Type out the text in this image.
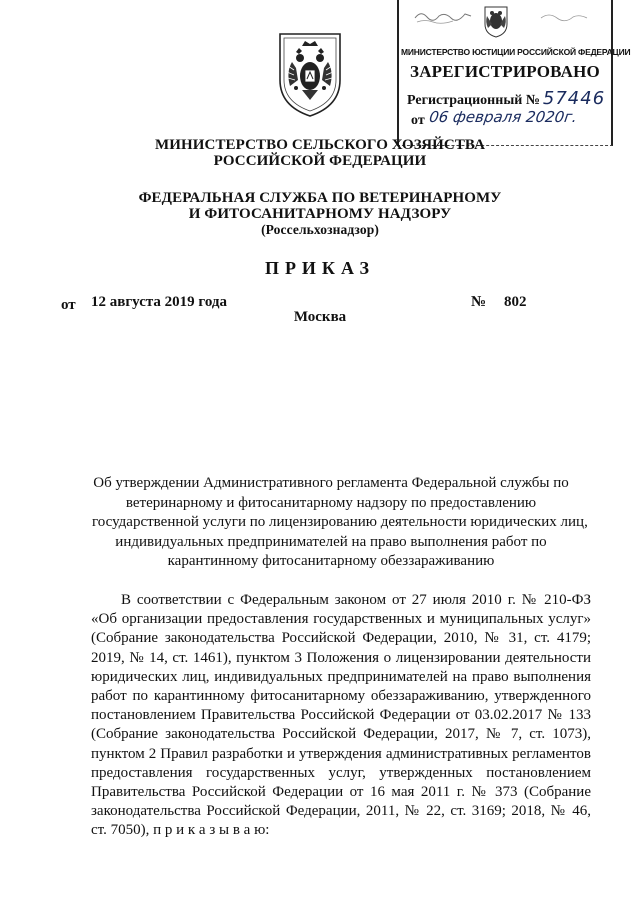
МИНИСТЕРСТВО ЮСТИЦИИ РОССИЙСКОЙ ФЕДЕРАЦИИ
ЗАРЕГИСТРИРОВАНО
Регистрационный № 57446
от 06 февраля 2020г.
МИНИСТЕРСТВО СЕЛЬСКОГО ХОЗЯЙСТВА
РОССИЙСКОЙ ФЕДЕРАЦИИ
ФЕДЕРАЛЬНАЯ СЛУЖБА ПО ВЕТЕРИНАРНОМУ
И ФИТОСАНИТАРНОМУ НАДЗОРУ
(Россельхознадзор)
ПРИКАЗ
от 12 августа 2019 года	№ 802
Москва
Об утверждении Административного регламента Федеральной службы по
ветеринарному и фитосанитарному надзору по предоставлению
государственной услуги по лицензированию деятельности юридических лиц,
индивидуальных предпринимателей на право выполнения работ по
карантинному фитосанитарному обеззараживанию
В соответствии с Федеральным законом от 27 июля 2010 г. № 210-ФЗ
«Об организации предоставления государственных и муниципальных услуг»
(Собрание законодательства Российской Федерации, 2010, № 31, ст. 4179;
2019, № 14, ст. 1461), пунктом 3 Положения о лицензировании деятельности
юридических лиц, индивидуальных предпринимателей на право выполнения
работ по карантинному фитосанитарному обеззараживанию, утвержденного
постановлением Правительства Российской Федерации от 03.02.2017 № 133
(Собрание законодательства Российской Федерации, 2017, № 7, ст. 1073),
пунктом 2 Правил разработки и утверждения административных регламентов
предоставления государственных услуг, утвержденных постановлением
Правительства Российской Федерации от 16 мая 2011 г. № 373 (Собрание
законодательства Российской Федерации, 2011, № 22, ст. 3169; 2018, № 46,
ст. 7050), п р и к а з ы в а ю:
